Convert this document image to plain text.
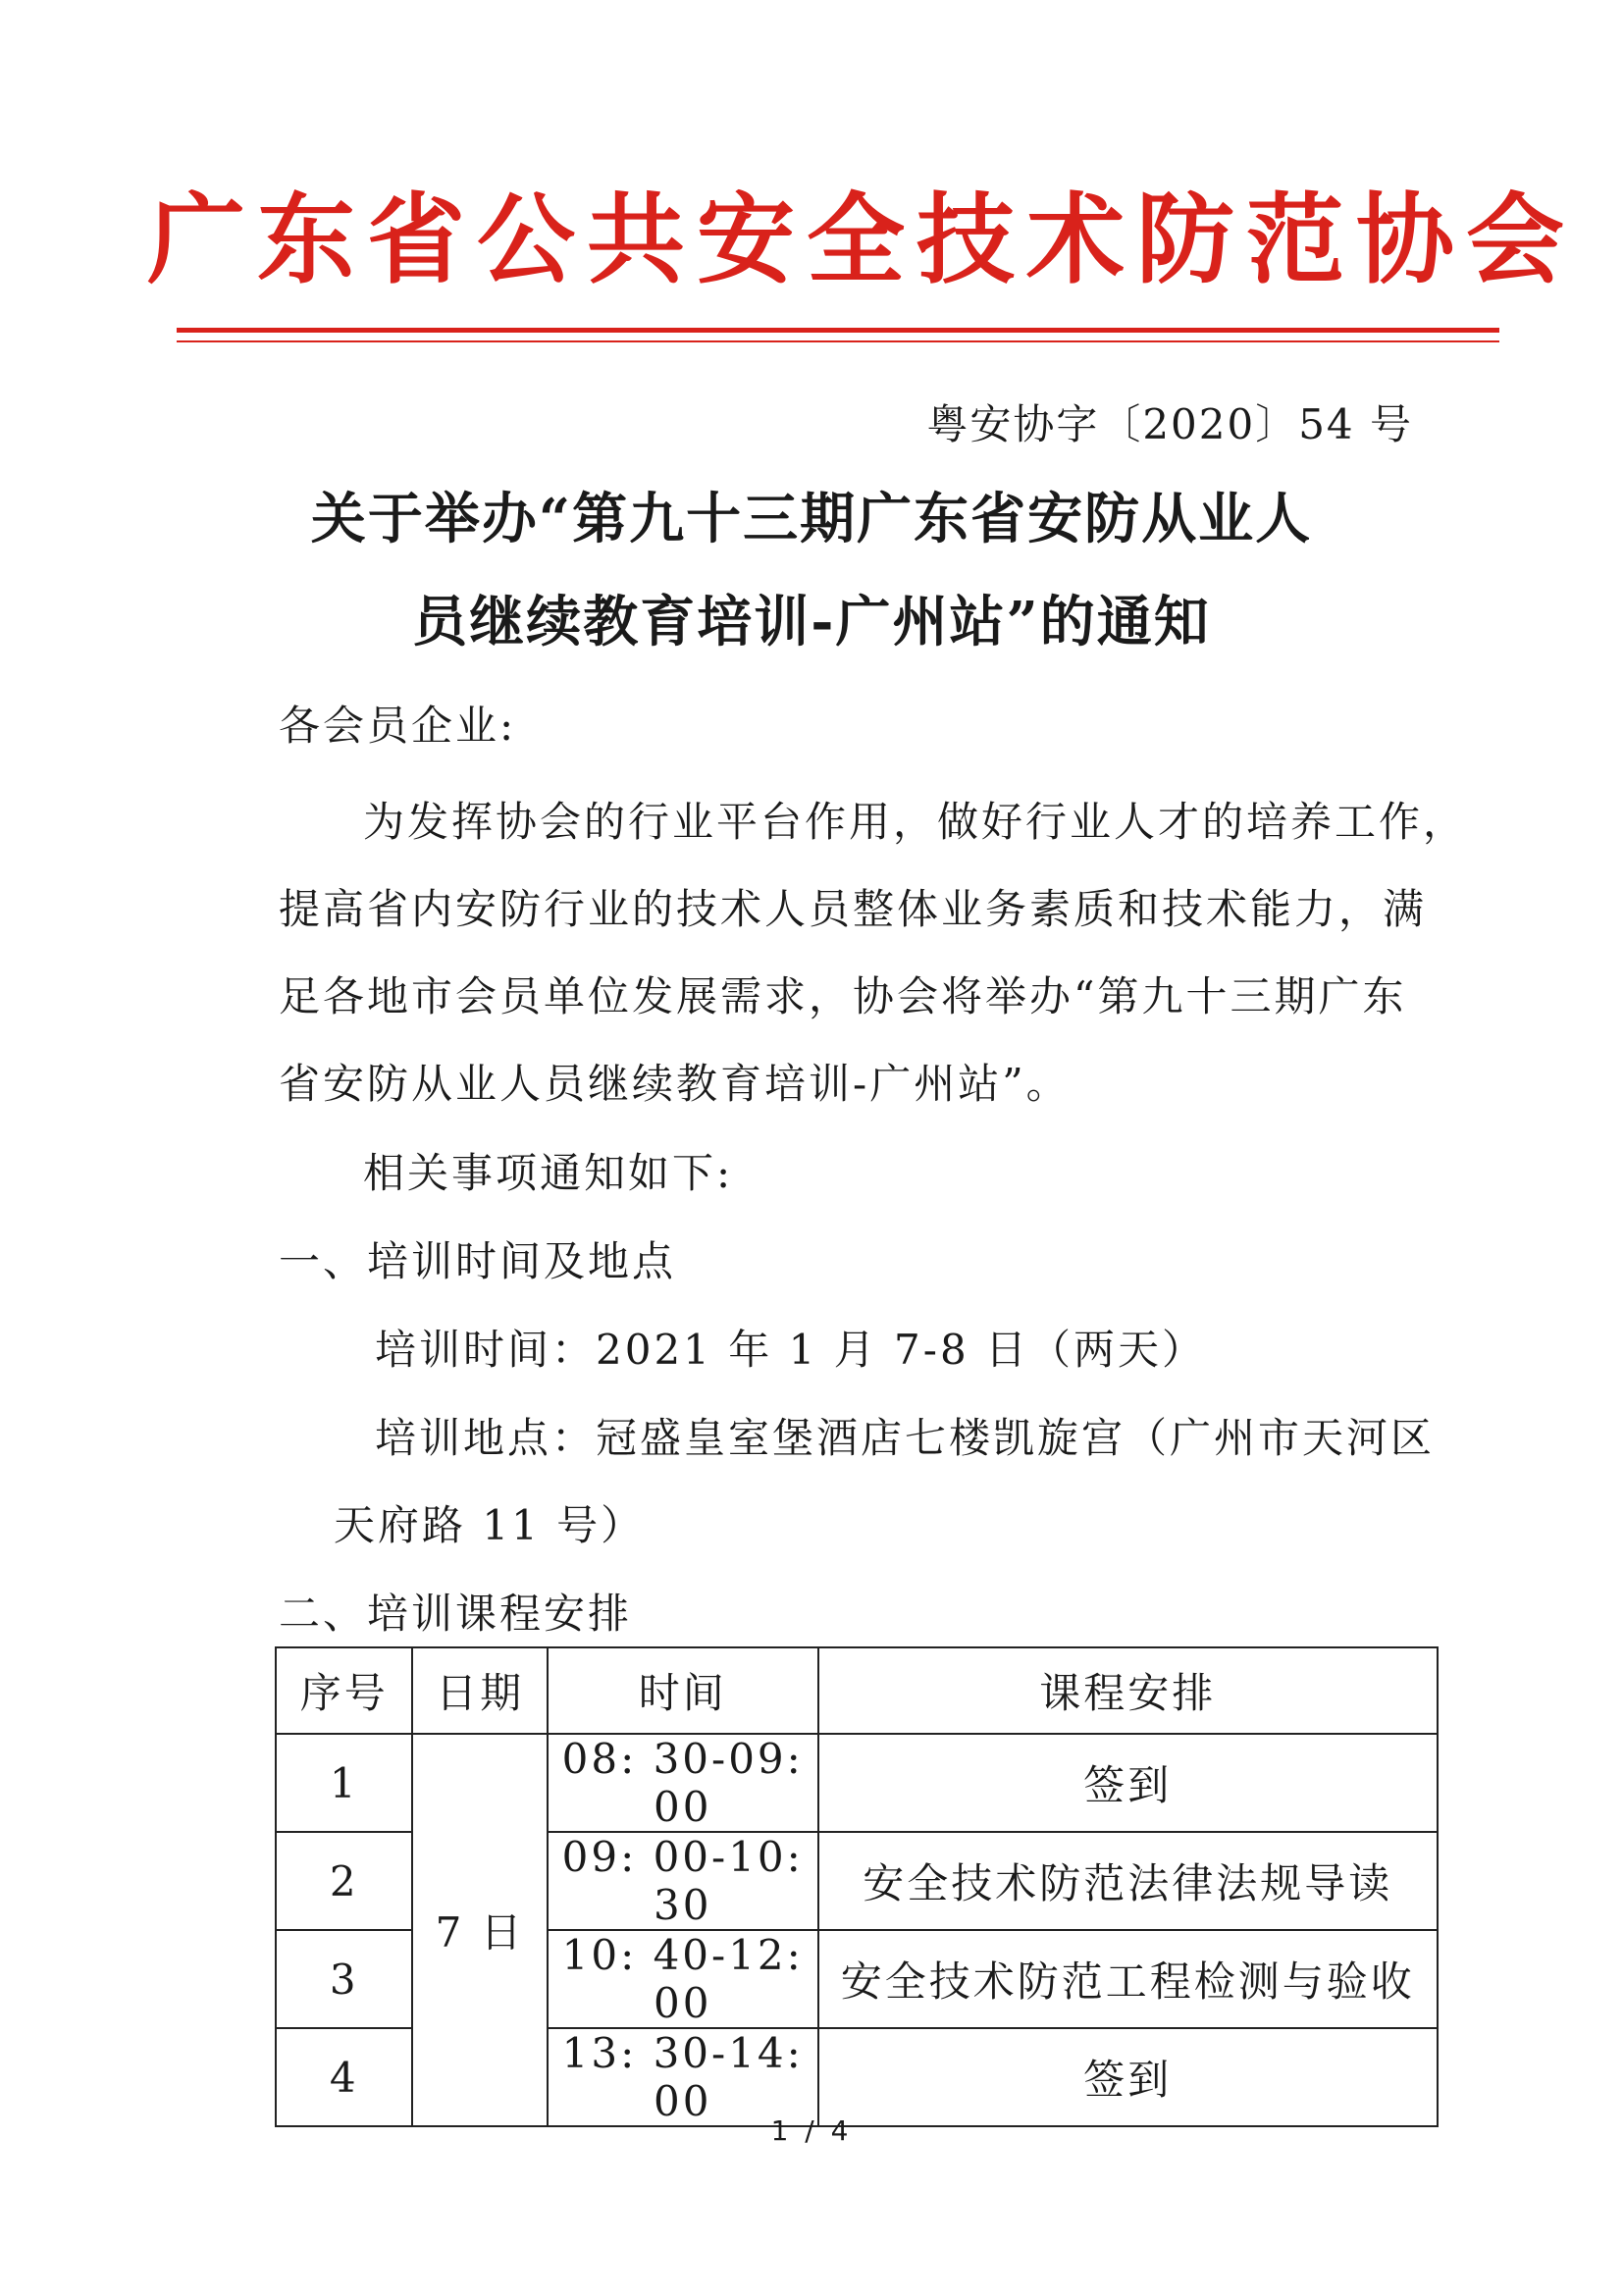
广东省公共安全技术防范协会
粤安协字〔2020〕54 号
关于举办“第九十三期广东省安防从业人
员继续教育培训-广州站”的通知
各会员企业:
为发挥协会的行业平台作用，做好行业人才的培养工作，
提高省内安防行业的技术人员整体业务素质和技术能力，满
足各地市会员单位发展需求，协会将举办“第九十三期广东
省安防从业人员继续教育培训-广州站”。
相关事项通知如下:
一、培训时间及地点
培训时间：2021 年 1 月 7-8 日（两天）
培训地点：冠盛皇室堡酒店七楼凯旋宫（广州市天河区
天府路 11 号）
二、培训课程安排
序号	日期	时间	课程安排
1	7 日	08: 30-09: 00	签到
2		09: 00-10: 30	安全技术防范法律法规导读
3		10: 40-12: 00	安全技术防范工程检测与验收
4		13: 30-14: 00	签到
1 / 4
